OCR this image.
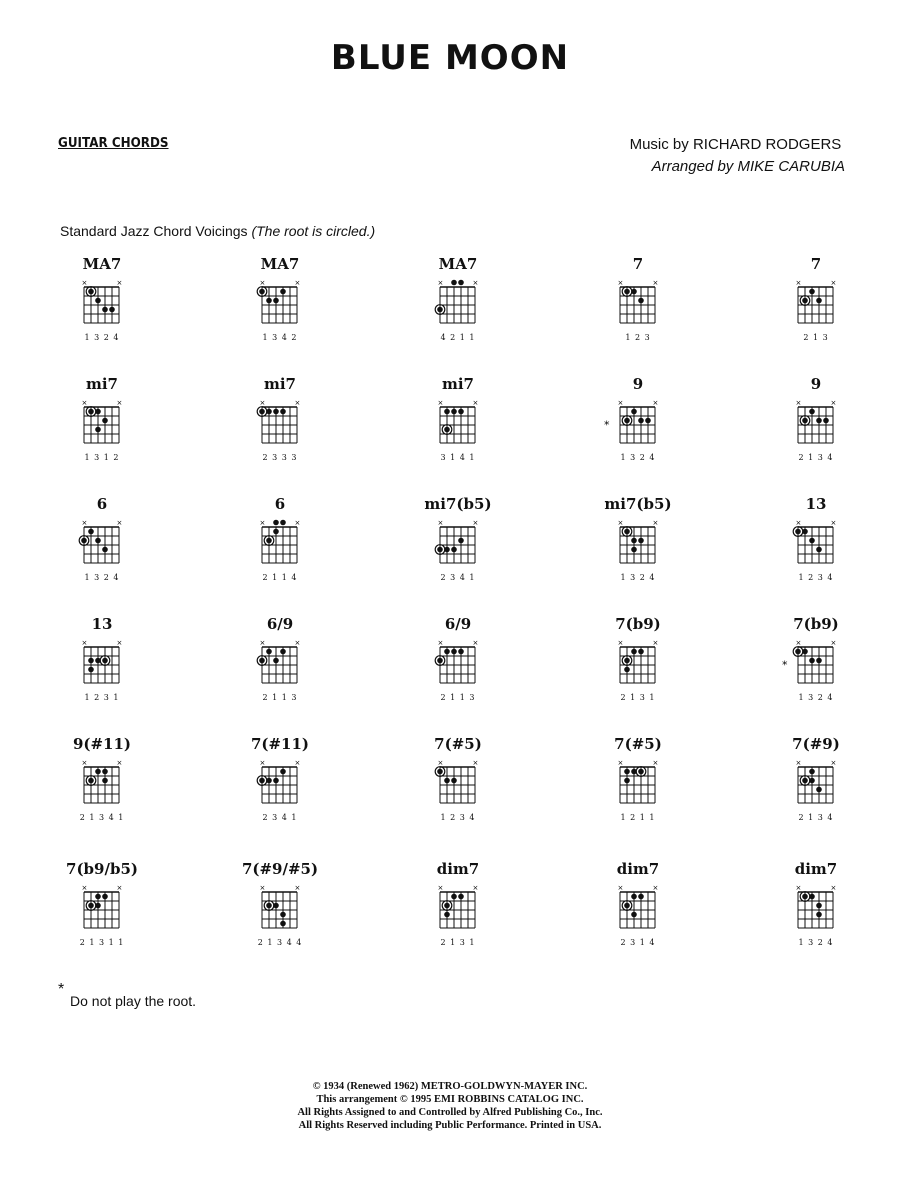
BLUE MOON
GUITAR CHORDS	Music by RICHARD RODGERS
Arranged by MIKE CARUBIA
Standard Jazz Chord Voicings (The root is circled.)
MA7
×	×
1 3 2 4
MA7
×	×
1 3 4 2
MA7
×	×
4 2 1 1
7
×	×
1 2 3
7
×	×
2 1 3
mi7
×	×
1 3 1 2
mi7
×	×
2 3 3 3
mi7
×	×
3 1 4 1
9
×	×
*
1 3 2 4
9
×	×
2 1 3 4
6
×	×
1 3 2 4
6
×	×
2 1 1 4
mi7(b5)
×	×
2 3 4 1
mi7(b5)
×	×
1 3 2 4
13
×	×
1 2 3 4
13
×	×
1 2 3 1
6/9
×	×
2 1 1 3
6/9
×	×
2 1 1 3
7(b9)
×	×
2 1 3 1
7(b9)
×	×
*
1 3 2 4
9(#11)
×	×
2 1 3 4 1
7(#11)
×	×
2 3 4 1
7(#5)
×	×
1 2 3 4
7(#5)
×	×
1 2 1 1
7(#9)
×	×
2 1 3 4
7(b9/b5)
×	×
2 1 3 1 1
7(#9/#5)
×	×
2 1 3 4 4
dim7
×	×
2 1 3 1
dim7
×	×
2 3 1 4
dim7
×	×
1 3 2 4
*
Do not play the root.
© 1934 (Renewed 1962) METRO-GOLDWYN-MAYER INC.
This arrangement © 1995 EMI ROBBINS CATALOG INC.
All Rights Assigned to and Controlled by Alfred Publishing Co., Inc.
All Rights Reserved including Public Performance. Printed in USA.
